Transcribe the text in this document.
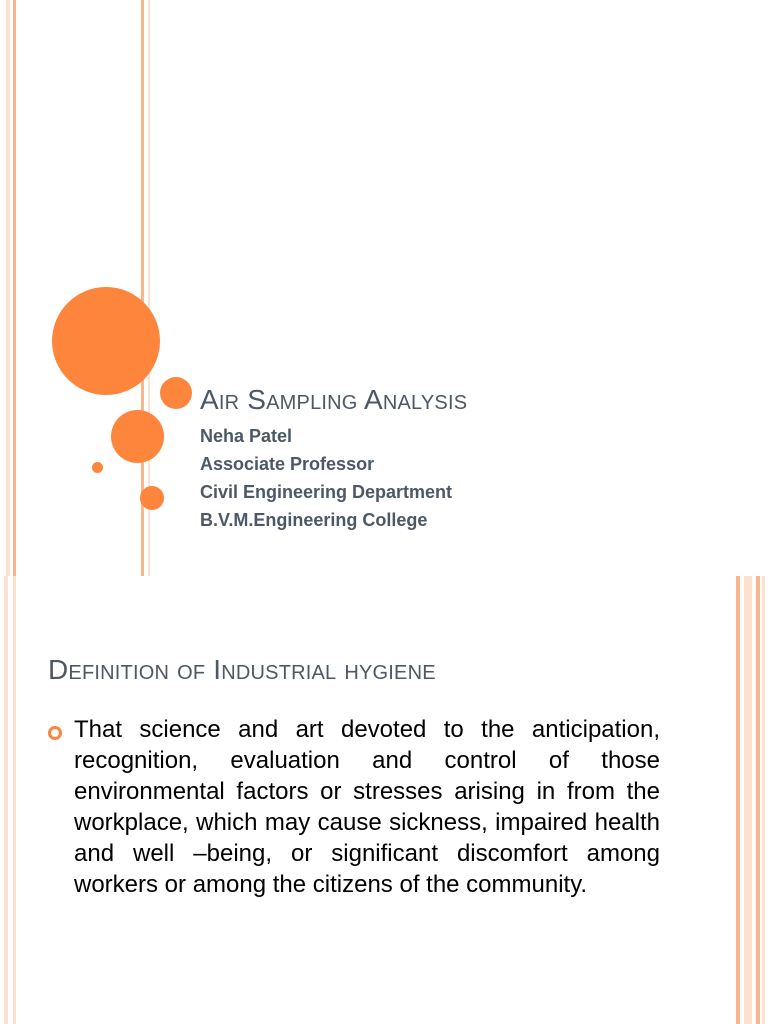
Air Sampling Analysis
Neha Patel
Associate Professor
Civil Engineering Department
B.V.M.Engineering College
Definition of Industrial hygiene
That science and art devoted to the anticipation, recognition, evaluation and control of those environmental factors or stresses arising in from the workplace, which may cause sickness, impaired health and well –being, or significant discomfort among workers or among the citizens of the community.
